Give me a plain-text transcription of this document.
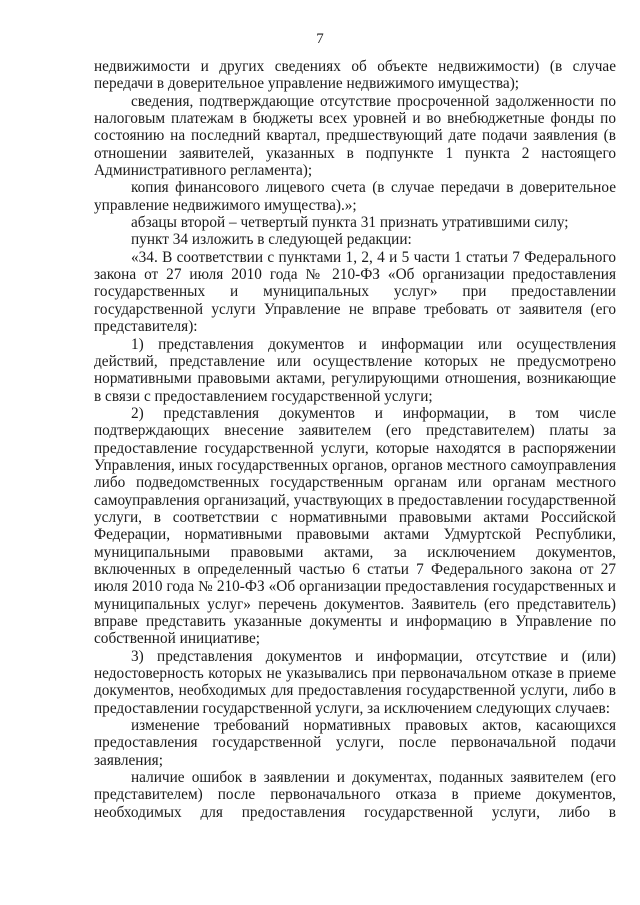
7

недвижимости и других сведениях об объекте недвижимости) (в случае передачи в доверительное управление недвижимого имущества);

сведения, подтверждающие отсутствие просроченной задолженности по налоговым платежам в бюджеты всех уровней и во внебюджетные фонды по состоянию на последний квартал, предшествующий дате подачи заявления (в отношении заявителей, указанных в подпункте 1 пункта 2 настоящего Административного регламента);

копия финансового лицевого счета (в случае передачи в доверительное управление недвижимого имущества).»;

абзацы второй – четвертый пункта 31 признать утратившими силу;

пункт 34 изложить в следующей редакции:

«34. В соответствии с пунктами 1, 2, 4 и 5 части 1 статьи 7 Федерального закона от 27 июля 2010 года № 210-ФЗ «Об организации предоставления государственных и муниципальных услуг» при предоставлении государственной услуги Управление не вправе требовать от заявителя (его представителя):

1) представления документов и информации или осуществления действий, представление или осуществление которых не предусмотрено нормативными правовыми актами, регулирующими отношения, возникающие в связи с предоставлением государственной услуги;

2) представления документов и информации, в том числе подтверждающих внесение заявителем (его представителем) платы за предоставление государственной услуги, которые находятся в распоряжении Управления, иных государственных органов, органов местного самоуправления либо подведомственных государственным органам или органам местного самоуправления организаций, участвующих в предоставлении государственной услуги, в соответствии с нормативными правовыми актами Российской Федерации, нормативными правовыми актами Удмуртской Республики, муниципальными правовыми актами, за исключением документов, включенных в определенный частью 6 статьи 7 Федерального закона от 27 июля 2010 года № 210-ФЗ «Об организации предоставления государственных и муниципальных услуг» перечень документов. Заявитель (его представитель) вправе представить указанные документы и информацию в Управление по собственной инициативе;

3) представления документов и информации, отсутствие и (или) недостоверность которых не указывались при первоначальном отказе в приеме документов, необходимых для предоставления государственной услуги, либо в предоставлении государственной услуги, за исключением следующих случаев:

изменение требований нормативных правовых актов, касающихся предоставления государственной услуги, после первоначальной подачи заявления;

наличие ошибок в заявлении и документах, поданных заявителем (его представителем) после первоначального отказа в приеме документов, необходимых для предоставления государственной услуги, либо в
